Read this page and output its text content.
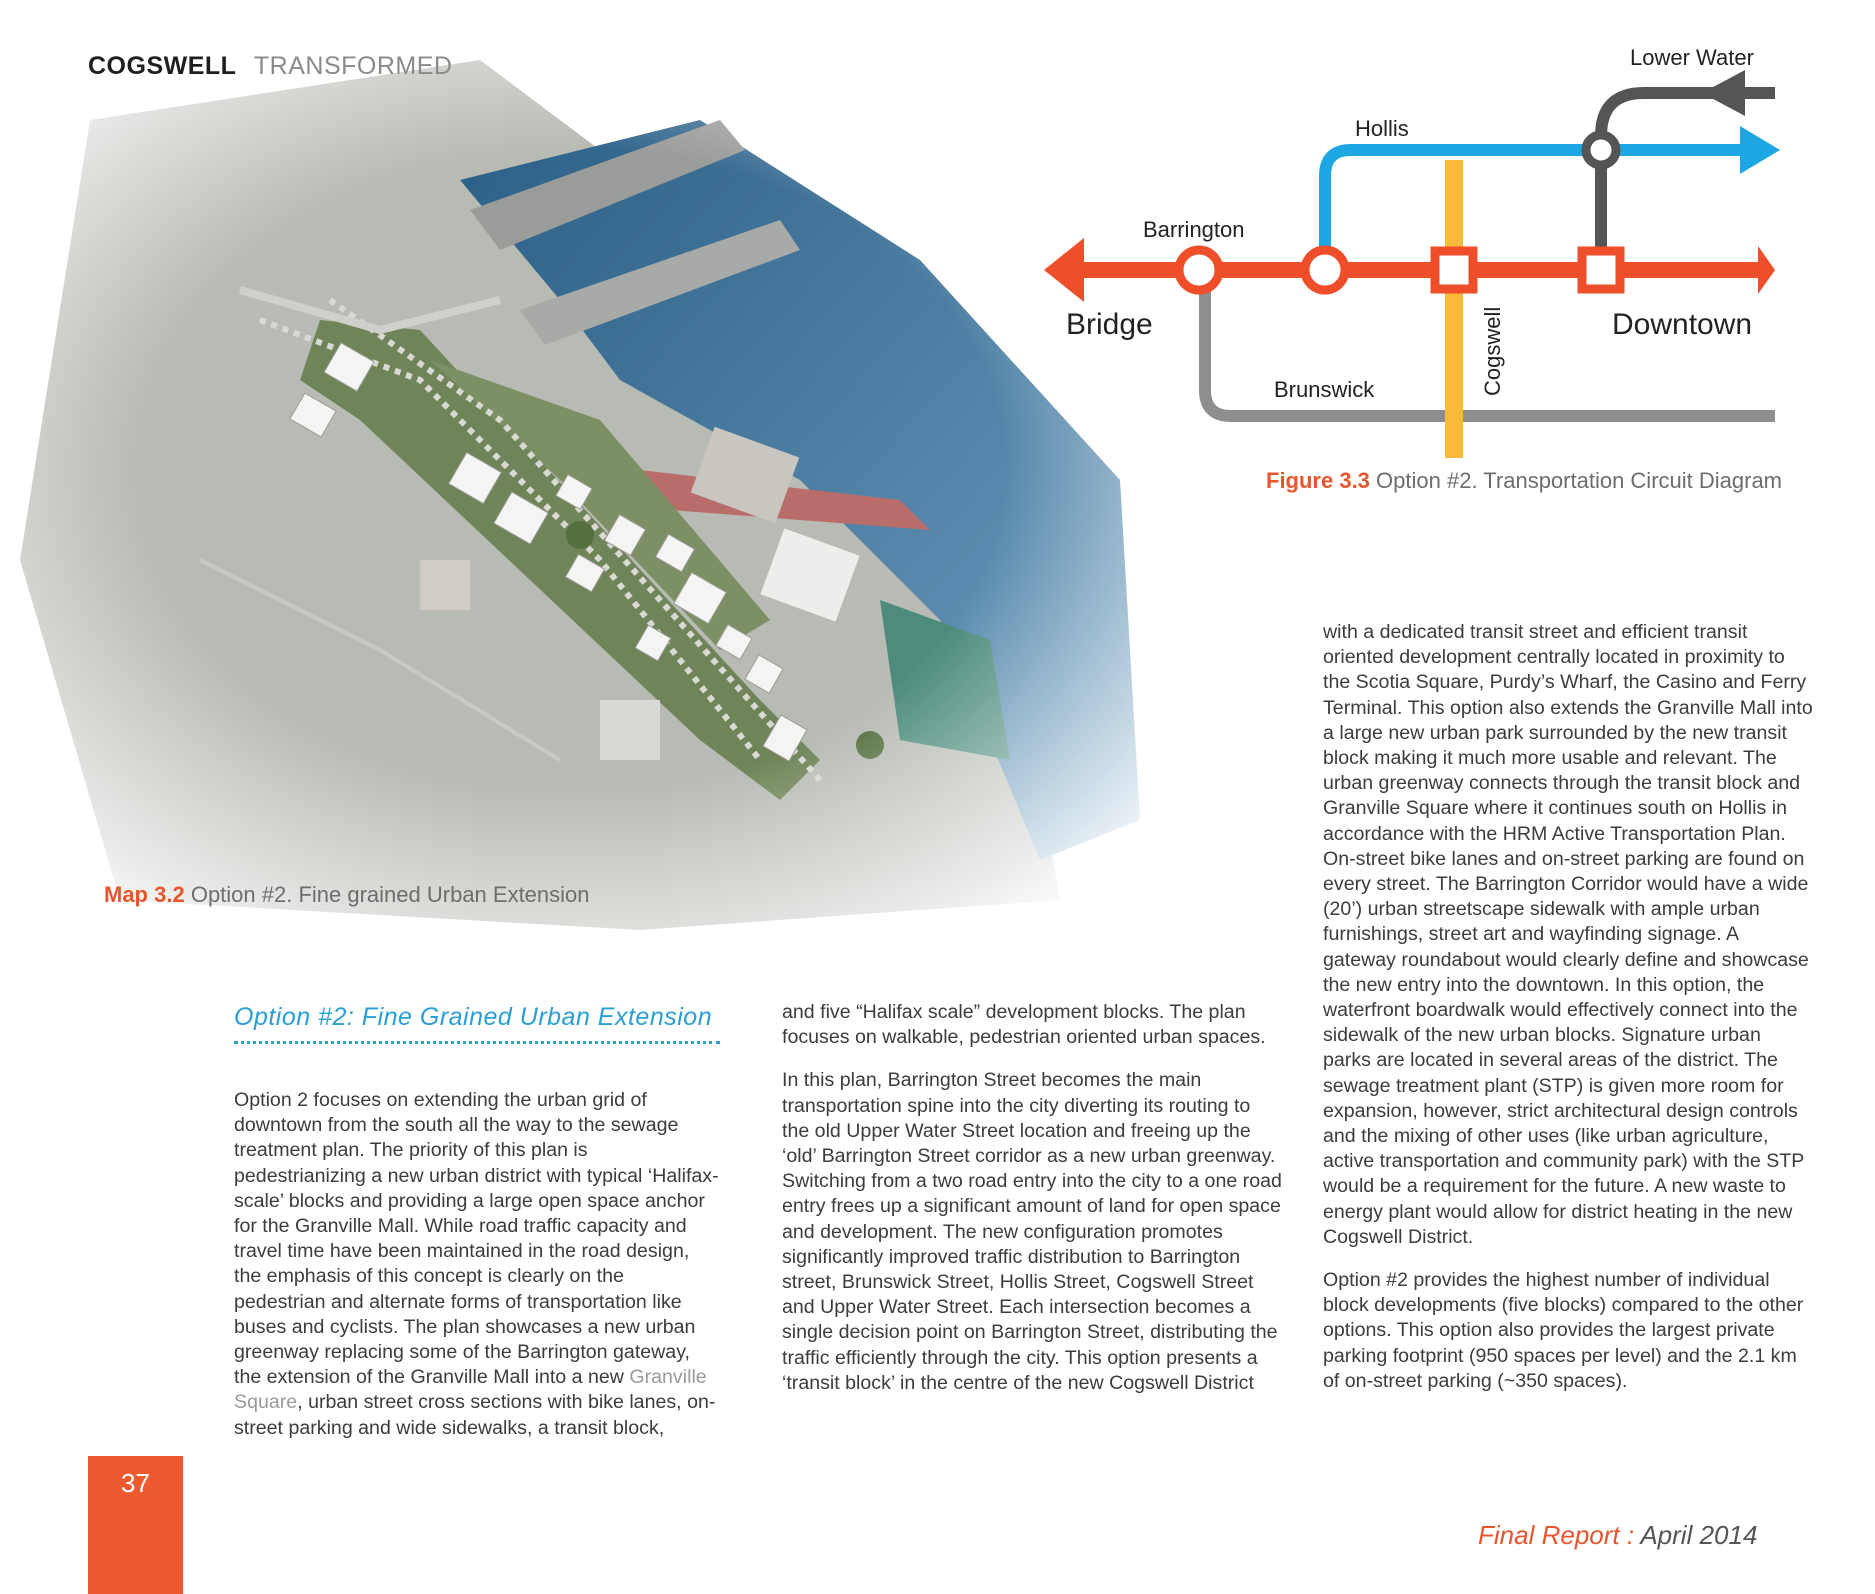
COGSWELL TRANSFORMED
Map 3.2 Option #2. Fine grained Urban Extension
Lower Water
Hollis
Barrington
Bridge	Downtown
Brunswick	Cogswell
Figure 3.3 Option #2. Transportation Circuit Diagram
Option #2: Fine Grained Urban Extension

Option 2 focuses on extending the urban grid of downtown from the south all the way to the sewage treatment plan. The priority of this plan is pedestrianizing a new urban district with typical ‘Halifax-scale’ blocks and providing a large open space anchor for the Granville Mall. While road traffic capacity and travel time have been maintained in the road design, the emphasis of this concept is clearly on the pedestrian and alternate forms of transportation like buses and cyclists. The plan showcases a new urban greenway replacing some of the Barrington gateway, the extension of the Granville Mall into a new Granville Square, urban street cross sections with bike lanes, on-street parking and wide sidewalks, a transit block,

and five “Halifax scale” development blocks. The plan focuses on walkable, pedestrian oriented urban spaces.

In this plan, Barrington Street becomes the main transportation spine into the city diverting its routing to the old Upper Water Street location and freeing up the ‘old’ Barrington Street corridor as a new urban greenway. Switching from a two road entry into the city to a one road entry frees up a significant amount of land for open space and development. The new configuration promotes significantly improved traffic distribution to Barrington street, Brunswick Street, Hollis Street, Cogswell Street and Upper Water Street. Each intersection becomes a single decision point on Barrington Street, distributing the traffic efficiently through the city. This option presents a ‘transit block’ in the centre of the new Cogswell District

with a dedicated transit street and efficient transit oriented development centrally located in proximity to the Scotia Square, Purdy’s Wharf, the Casino and Ferry Terminal. This option also extends the Granville Mall into a large new urban park surrounded by the new transit block making it much more usable and relevant. The urban greenway connects through the transit block and Granville Square where it continues south on Hollis in accordance with the HRM Active Transportation Plan. On-street bike lanes and on-street parking are found on every street. The Barrington Corridor would have a wide (20’) urban streetscape sidewalk with ample urban furnishings, street art and wayfinding signage. A gateway roundabout would clearly define and showcase the new entry into the downtown. In this option, the waterfront boardwalk would effectively connect into the sidewalk of the new urban blocks. Signature urban parks are located in several areas of the district. The sewage treatment plant (STP) is given more room for expansion, however, strict architectural design controls and the mixing of other uses (like urban agriculture, active transportation and community park) with the STP would be a requirement for the future. A new waste to energy plant would allow for district heating in the new Cogswell District.

Option #2 provides the highest number of individual block developments (five blocks) compared to the other options. This option also provides the largest private parking footprint (950 spaces per level) and the 2.1 km of on-street parking (~350 spaces).

37
Final Report : April 2014
